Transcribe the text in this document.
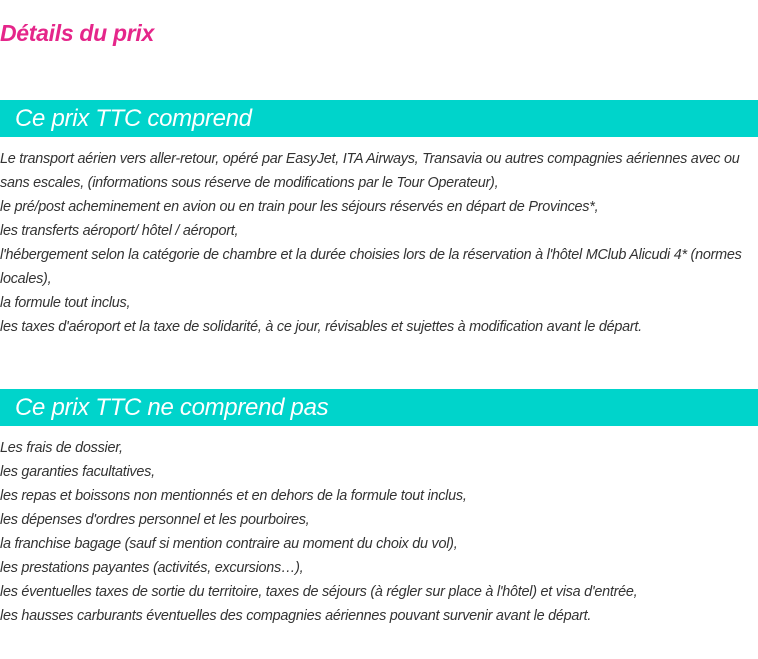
Détails du prix
Ce prix TTC comprend
Le transport aérien vers aller-retour, opéré par EasyJet, ITA Airways, Transavia ou autres compagnies aériennes avec ou sans escales, (informations sous réserve de modifications par le Tour Operateur),
le pré/post acheminement en avion ou en train pour les séjours réservés en départ de Provinces*,
les transferts aéroport/ hôtel / aéroport,
l'hébergement selon la catégorie de chambre et la durée choisies lors de la réservation à l'hôtel MClub Alicudi 4* (normes locales),
la formule tout inclus,
les taxes d'aéroport et la taxe de solidarité, à ce jour, révisables et sujettes à modification avant le départ.
Ce prix TTC ne comprend pas
Les frais de dossier,
les garanties facultatives,
les repas et boissons non mentionnés et en dehors de la formule tout inclus,
les dépenses d'ordres personnel et les pourboires,
la franchise bagage (sauf si mention contraire au moment du choix du vol),
les prestations payantes (activités, excursions…),
les éventuelles taxes de sortie du territoire, taxes de séjours (à régler sur place à l'hôtel) et visa d'entrée,
les hausses carburants éventuelles des compagnies aériennes pouvant survenir avant le départ.
